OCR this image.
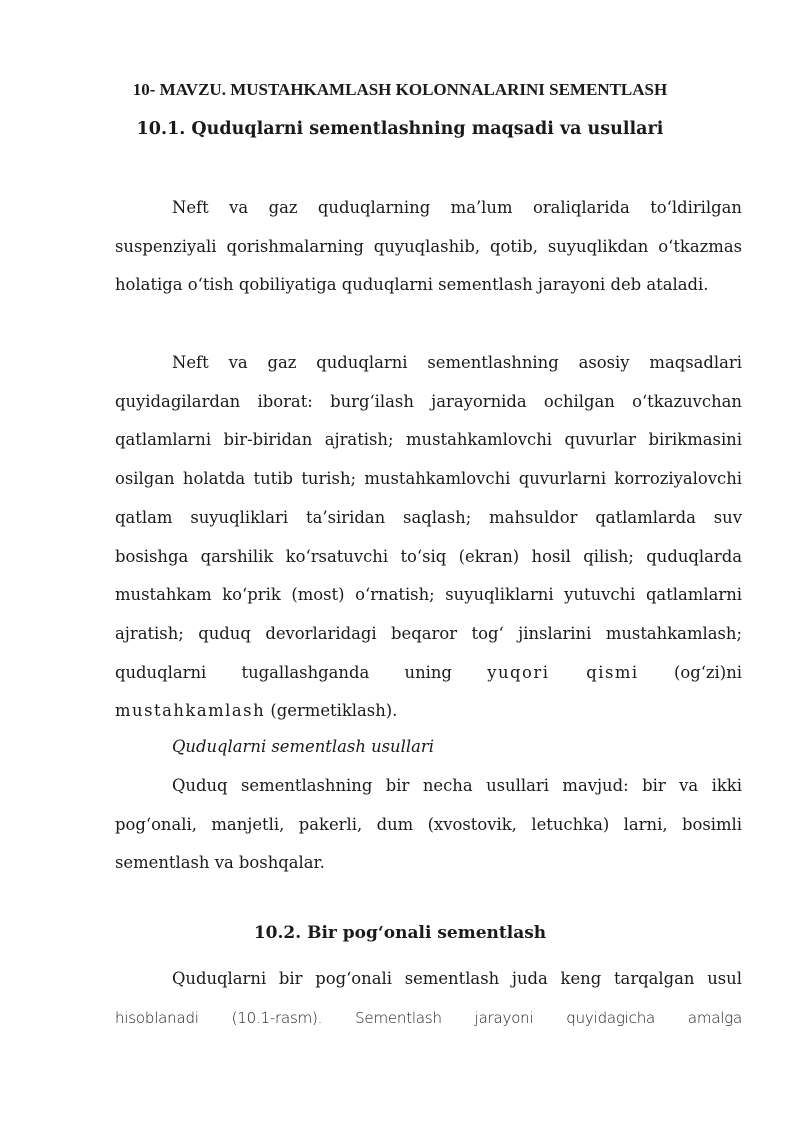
10- MAVZU. MUSTAHKAMLASH KOLONNALARINI SEMENTLASH
10.1. Quduqlarni sementlashning maqsadi va usullari

Neft va gaz quduqlarning ma’lum oraliqlarida to‘ldirilgan suspenziyali qorishmalarning quyuqlashib, qotib, suyuqlikdan o‘tkazmas holatiga o‘tish qobiliyatiga quduqlarni sementlash jarayoni deb ataladi.

Neft va gaz quduqlarni sementlashning asosiy maqsadlari quyidagilardan iborat: burg‘ilash jarayornida ochilgan o‘tkazuvchan qatlamlarni bir-biridan ajratish; mustahkamlovchi quvurlar birikmasini osilgan holatda tutib turish; mustahkamlovchi quvurlarni korroziyalovchi qatlam suyuqliklari ta’siridan saqlash; mahsuldor qatlamlarda suv bosishga qarshilik ko‘rsatuvchi to‘siq (ekran) hosil qilish; quduqlarda mustahkam ko‘prik (most) o‘rnatish; suyuqliklarni yutuvchi qatlamlarni ajratish; quduq devorlaridagi beqaror tog‘ jinslarini mustahkamlash; quduqlarni tugallashganda uning yuqori qismi (og‘zi)ni mustahkamlash (germetiklash).

Quduqlarni sementlash usullari

Quduq sementlashning bir necha usullari mavjud: bir va ikki pog‘onali, manjetli, pakerli, dum (xvostovik, letuchka) larni, bosimli sementlash va boshqalar.

10.2. Bir pog‘onali sementlash

Quduqlarni bir pog‘onali sementlash juda keng tarqalgan usul
hisoblanadi (10.1-rasm). Sementlash jarayoni quyidagicha amalga
